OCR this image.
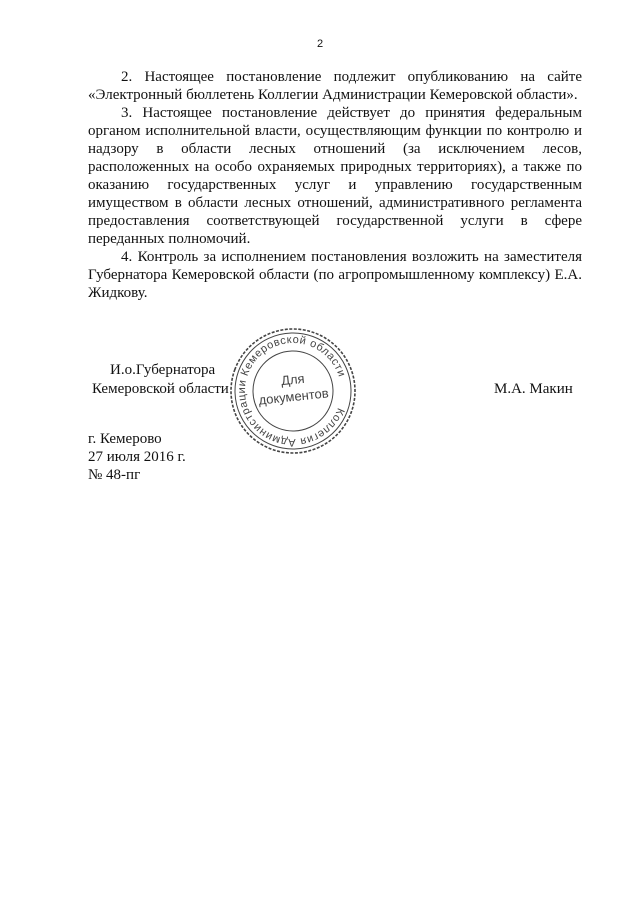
2

2. Настоящее постановление подлежит опубликованию на сайте «Электронный бюллетень Коллегии Администрации Кемеровской области».

3. Настоящее постановление действует до принятия федеральным органом исполнительной власти, осуществляющим функции по контролю и надзору в области лесных отношений (за исключением лесов, расположенных на особо охраняемых природных территориях), а также по оказанию государственных услуг и управлению государственным имуществом в области лесных отношений, административного регламента предоставления соответствующей государственной услуги в сфере переданных полномочий.

4. Контроль за исполнением постановления возложить на заместителя Губернатора Кемеровской области (по агропромышленному комплексу) Е.А. Жидкову.

И.о.Губернатора
Кемеровской области	М.А. Макин
Коллегия Администрации Кемеровской области
Для
документов
г. Кемерово
27 июля 2016 г.
№ 48-пг
